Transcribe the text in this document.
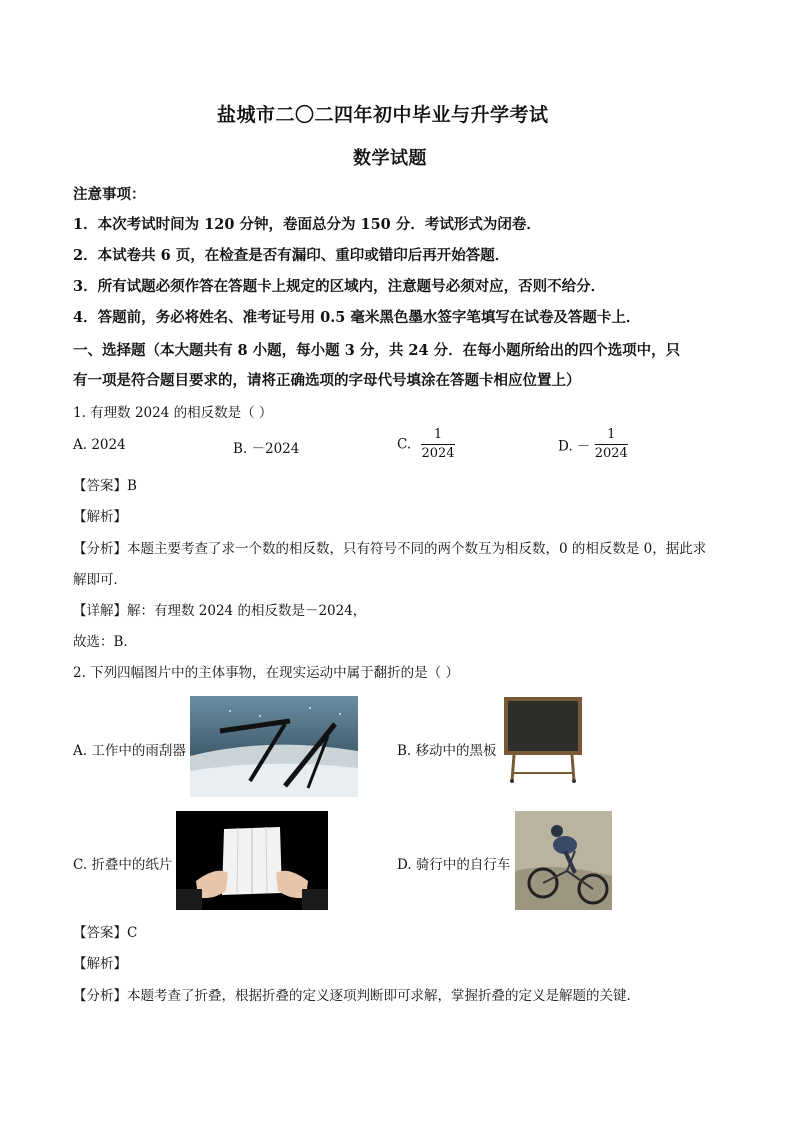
盐城市二〇二四年初中毕业与升学考试
数学试题
注意事项：
1．本次考试时间为 120 分钟，卷面总分为 150 分．考试形式为闭卷．
2．本试卷共 6 页，在检查是否有漏印、重印或错印后再开始答题．
3．所有试题必须作答在答题卡上规定的区域内，注意题号必须对应，否则不给分．
4．答题前，务必将姓名、准考证号用 0.5 毫米黑色墨水签字笔填写在试卷及答题卡上．
一、选择题（本大题共有 8 小题，每小题 3 分，共 24 分．在每小题所给出的四个选项中，只
有一项是符合题目要求的，请将正确选项的字母代号填涂在答题卡相应位置上）
1. 有理数 2024 的相反数是（ ）
A. 2024	B. －2024	C. $\frac{1}{2024}$	D. － $\frac{1}{2024}$
【答案】B
【解析】
【分析】本题主要考查了求一个数的相反数，只有符号不同的两个数互为相反数，0 的相反数是 0，据此求
解即可．
【详解】解：有理数 2024 的相反数是－2024，
故选：B．
2. 下列四幅图片中的主体事物，在现实运动中属于翻折的是（ ）
A. 工作中的雨刮器	B. 移动中的黑板
C. 折叠中的纸片	D. 骑行中的自行车
【答案】C
【解析】
【分析】本题考查了折叠，根据折叠的定义逐项判断即可求解，掌握折叠的定义是解题的关键．
